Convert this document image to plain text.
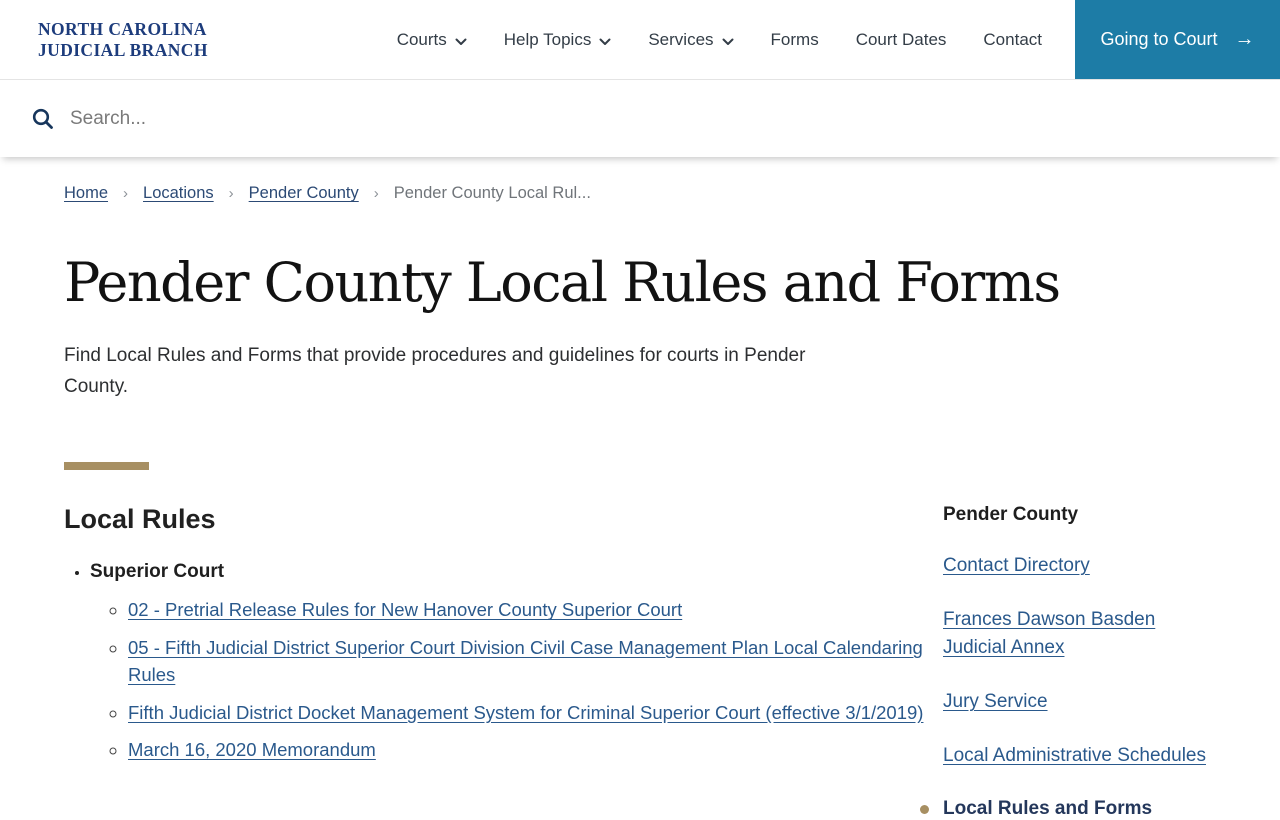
NORTH CAROLINA
JUDICIAL BRANCH
Courts	Help Topics	Services	Forms Court Dates Contact	Going to Court →
Search...
Home › Locations › Pender County › Pender County Local Rul...
Pender County Local Rules and Forms

Find Local Rules and Forms that provide procedures and guidelines for courts in Pender County.

Local Rules
• Superior Court
◦ 02 - Pretrial Release Rules for New Hanover County Superior Court
◦ 05 - Fifth Judicial District Superior Court Division Civil Case Management Plan Local Calendaring Rules
◦ Fifth Judicial District Docket Management System for Criminal Superior Court (effective 3/1/2019)
◦ March 16, 2020 Memorandum
Pender County
Contact Directory
Frances Dawson Basden Judicial Annex
Jury Service
Local Administrative Schedules
Local Rules and Forms
